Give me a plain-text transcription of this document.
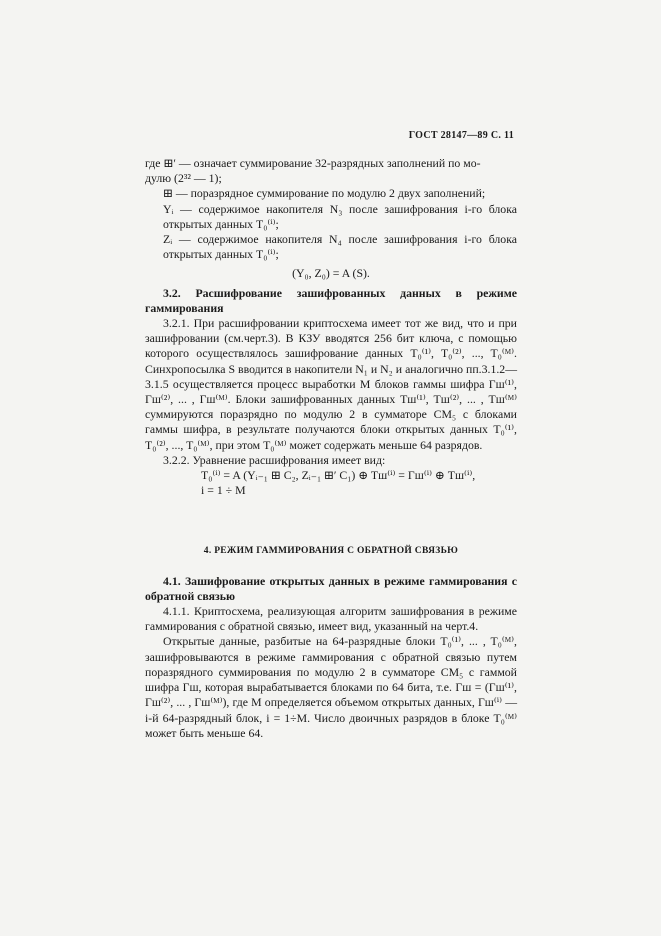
ГОСТ 28147—89 С. 11

где ⊞′ — означает суммирование 32-разрядных заполнений по мо-

дулю (2³² — 1);

⊞ — поразрядное суммирование по модулю 2 двух заполнений;

Yᵢ — содержимое накопителя N₃ после зашифрования i-го блока открытых данных T₀⁽ⁱ⁾;

Zᵢ — содержимое накопителя N₄ после зашифрования i-го блока открытых данных T₀⁽ⁱ⁾;

(Y₀, Z₀) = A (S).

3.2. Расшифрование зашифрованных данных в режиме гаммирования

3.2.1. При расшифровании криптосхема имеет тот же вид, что и при зашифровании (см.черт.3). В КЗУ вводятся 256 бит ключа, с помощью которого осуществлялось зашифрование данных T₀⁽¹⁾, T₀⁽²⁾, ..., T₀⁽ᴹ⁾. Синхропосылка S вводится в накопители N₁ и N₂ и аналогично пп.3.1.2—3.1.5 осуществляется процесс выработки M блоков гаммы шифра Гш⁽¹⁾, Гш⁽²⁾, ... , Гш⁽ᴹ⁾. Блоки зашифрованных данных Tш⁽¹⁾, Tш⁽²⁾, ... , Tш⁽ᴹ⁾ суммируются поразрядно по модулю 2 в сумматоре CM₅ с блоками гаммы шифра, в результате получаются блоки открытых данных T₀⁽¹⁾, T₀⁽²⁾, ..., T₀⁽ᴹ⁾, при этом T₀⁽ᴹ⁾ может содержать меньше 64 разрядов.

3.2.2. Уравнение расшифрования имеет вид:

T₀⁽ⁱ⁾ = A (Yᵢ₋₁ ⊞ C₂, Zᵢ₋₁ ⊞′ C₁) ⊕ Tш⁽ⁱ⁾ = Гш⁽ⁱ⁾ ⊕ Tш⁽ⁱ⁾,

i = 1 ÷ M

4. РЕЖИМ ГАММИРОВАНИЯ С ОБРАТНОЙ СВЯЗЬЮ

4.1. Зашифрование открытых данных в режиме гаммирования с обратной связью

4.1.1. Криптосхема, реализующая алгоритм зашифрования в режиме гаммирования с обратной связью, имеет вид, указанный на черт.4.

Открытые данные, разбитые на 64-разрядные блоки T₀⁽¹⁾, ... , T₀⁽ᴹ⁾, зашифровываются в режиме гаммирования с обратной связью путем поразрядного суммирования по модулю 2 в сумматоре CM₅ с гаммой шифра Гш, которая вырабатывается блоками по 64 бита, т.е. Гш = (Гш⁽¹⁾, Гш⁽²⁾, ... , Гш⁽ᴹ⁾), где M определяется объемом открытых данных, Гш⁽ⁱ⁾ — i-й 64-разрядный блок, i = 1÷M. Число двоичных разрядов в блоке T₀⁽ᴹ⁾ может быть меньше 64.
